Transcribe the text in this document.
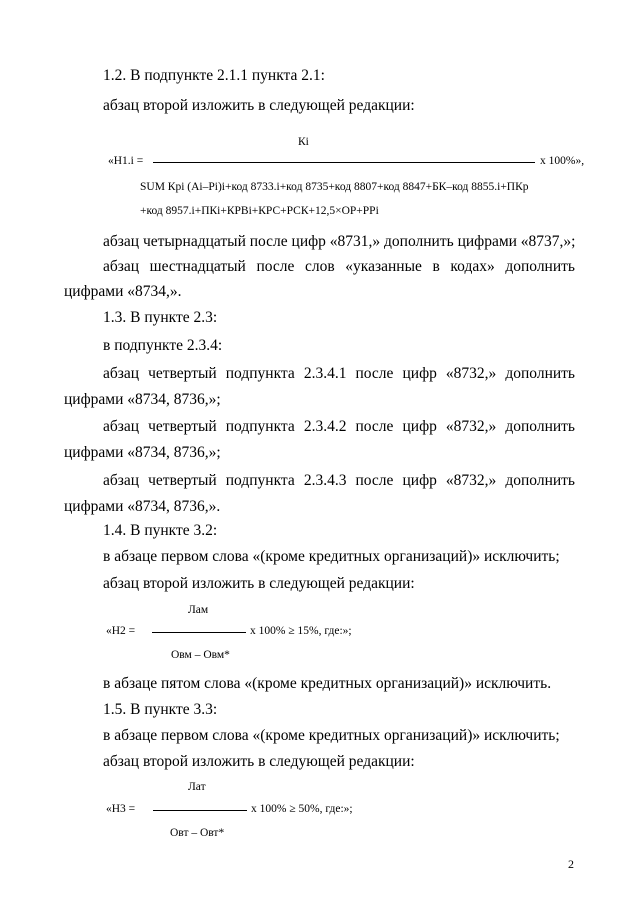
1.2. В подпункте 2.1.1 пункта 2.1:
абзац второй изложить в следующей редакции:
Кi
«Н1.i =	x 100%»,
SUM Крi (Аi–Рi)i+код 8733.i+код 8735+код 8807+код 8847+БК–код 8855.i+ПКр
+код 8957.i+ПКi+КРВi+КРС+РСК+12,5×ОР+РРi
абзац четырнадцатый после цифр «8731,» дополнить цифрами «8737,»;
абзац шестнадцатый после слов «указанные в кодах» дополнить
цифрами «8734,».
1.3. В пункте 2.3:
в подпункте 2.3.4:
абзац четвертый подпункта 2.3.4.1 после цифр «8732,» дополнить
цифрами «8734, 8736,»;
абзац четвертый подпункта 2.3.4.2 после цифр «8732,» дополнить
цифрами «8734, 8736,»;
абзац четвертый подпункта 2.3.4.3 после цифр «8732,» дополнить
цифрами «8734, 8736,».
1.4. В пункте 3.2:
в абзаце первом слова «(кроме кредитных организаций)» исключить;
абзац второй изложить в следующей редакции:
Лам
«Н2 =	x 100% ≥ 15%, где:»;
Овм – Овм*
в абзаце пятом слова «(кроме кредитных организаций)» исключить.
1.5. В пункте 3.3:
в абзаце первом слова «(кроме кредитных организаций)» исключить;
абзац второй изложить в следующей редакции:
Лат
«Н3 =	x 100% ≥ 50%, где:»;
Овт – Овт*
2
